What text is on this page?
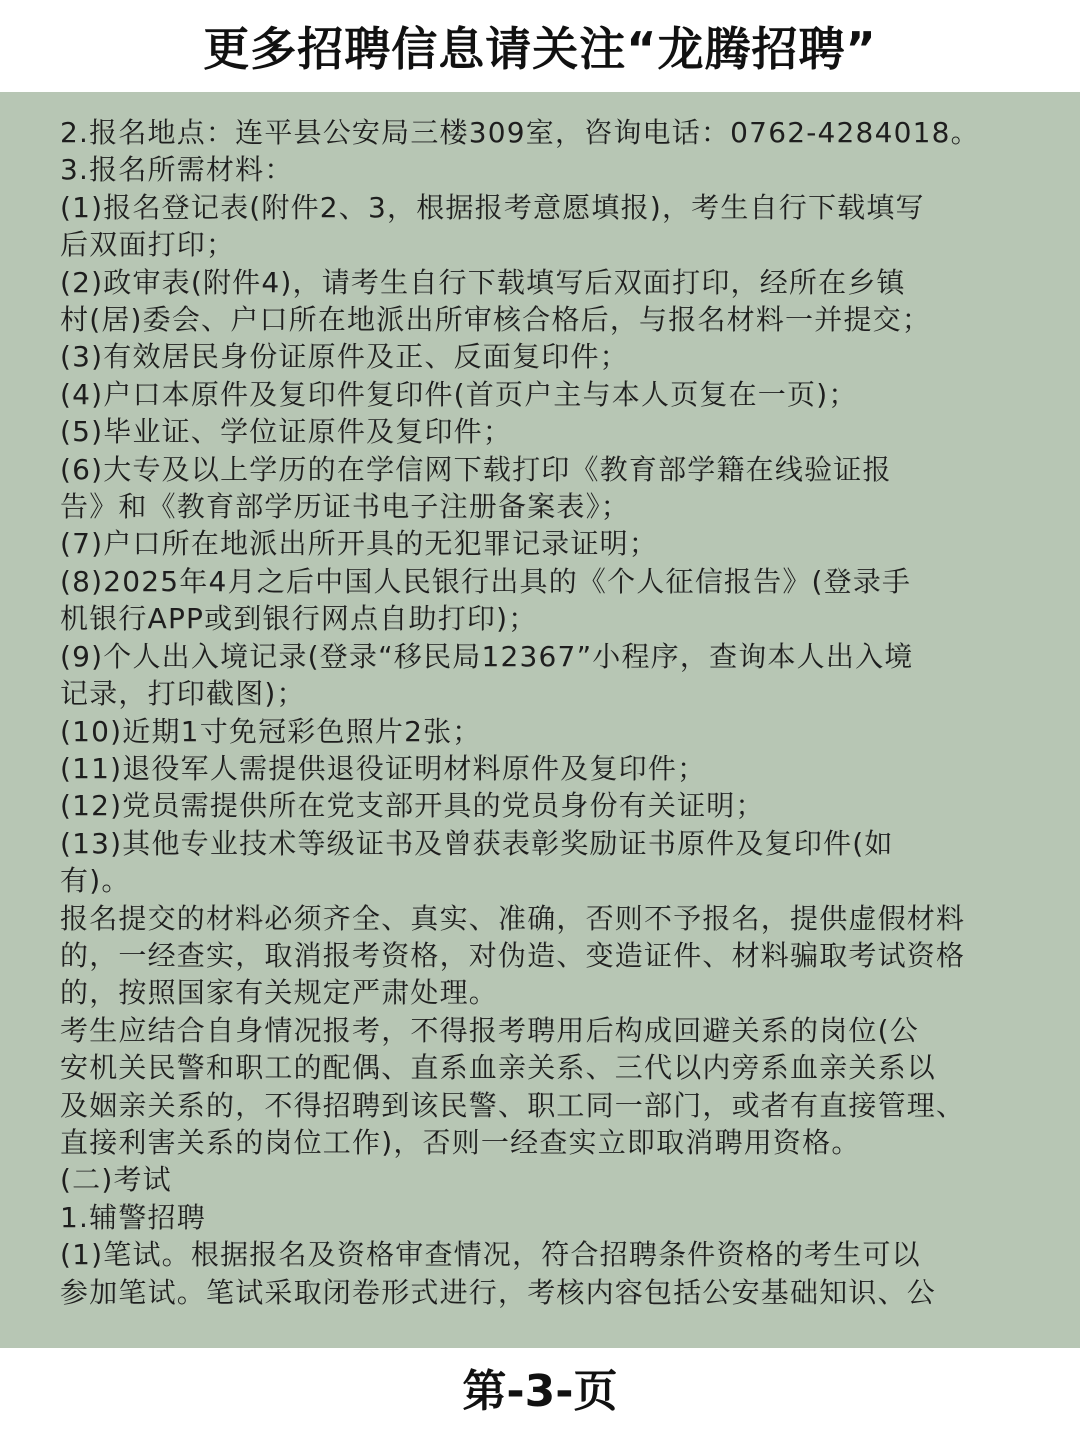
更多招聘信息请关注“龙腾招聘”
2.报名地点：连平县公安局三楼309室，咨询电话：0762-4284018。
3.报名所需材料：
(1)报名登记表(附件2、3，根据报考意愿填报)，考生自行下载填写
后双面打印；
(2)政审表(附件4)，请考生自行下载填写后双面打印，经所在乡镇
村(居)委会、户口所在地派出所审核合格后，与报名材料一并提交；
(3)有效居民身份证原件及正、反面复印件；
(4)户口本原件及复印件复印件(首页户主与本人页复在一页)；
(5)毕业证、学位证原件及复印件；
(6)大专及以上学历的在学信网下载打印《教育部学籍在线验证报
告》和《教育部学历证书电子注册备案表》；
(7)户口所在地派出所开具的无犯罪记录证明；
(8)2025年4月之后中国人民银行出具的《个人征信报告》(登录手
机银行APP或到银行网点自助打印)；
(9)个人出入境记录(登录“移民局12367”小程序，查询本人出入境
记录，打印截图)；
(10)近期1寸免冠彩色照片2张；
(11)退役军人需提供退役证明材料原件及复印件；
(12)党员需提供所在党支部开具的党员身份有关证明；
(13)其他专业技术等级证书及曾获表彰奖励证书原件及复印件(如
有)。
报名提交的材料必须齐全、真实、准确，否则不予报名，提供虚假材料
的，一经查实，取消报考资格，对伪造、变造证件、材料骗取考试资格
的，按照国家有关规定严肃处理。
考生应结合自身情况报考，不得报考聘用后构成回避关系的岗位(公
安机关民警和职工的配偶、直系血亲关系、三代以内旁系血亲关系以
及姻亲关系的，不得招聘到该民警、职工同一部门，或者有直接管理、
直接利害关系的岗位工作)，否则一经查实立即取消聘用资格。
(二)考试
1.辅警招聘
(1)笔试。根据报名及资格审查情况，符合招聘条件资格的考生可以
参加笔试。笔试采取闭卷形式进行，考核内容包括公安基础知识、公
第-3-页
